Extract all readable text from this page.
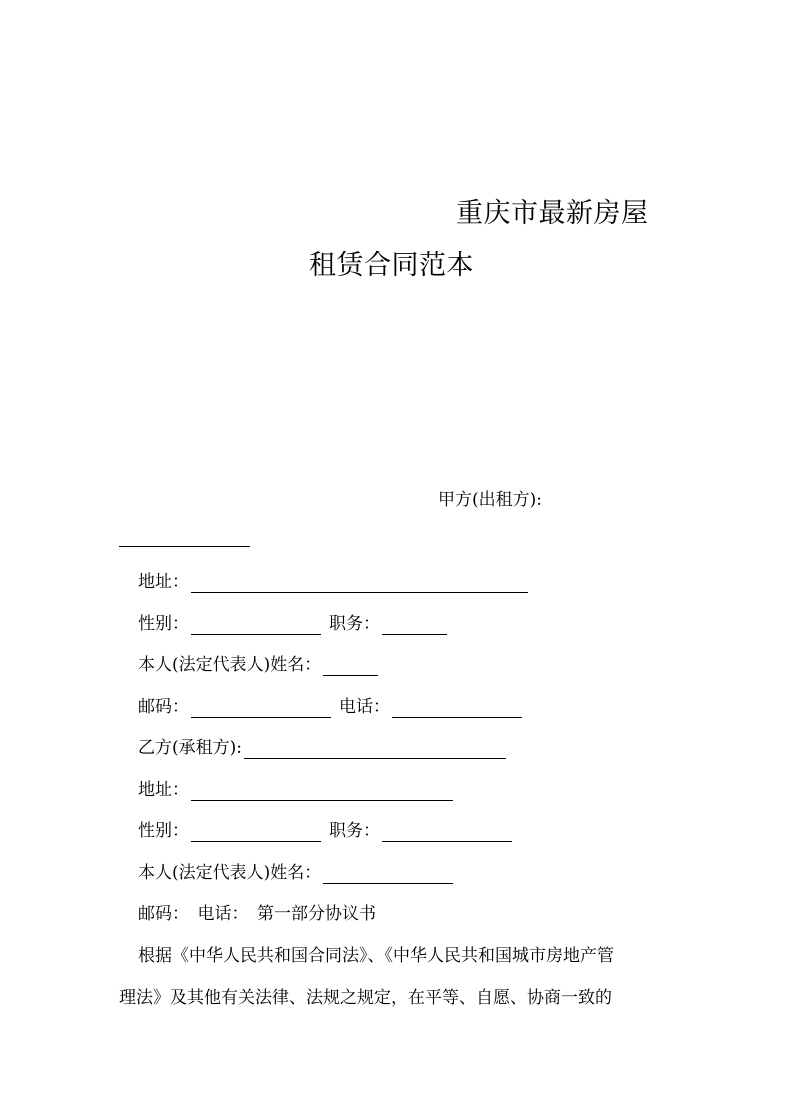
重庆市最新房屋
租赁合同范本
甲方(出租方):
地址：
性别：	职务：
本人(法定代表人)姓名：
邮码：	电话：
乙方(承租方):
地址：
性别：	职务：
本人(法定代表人)姓名：
邮码：　电话：　第一部分协议书
根据《中华人民共和国合同法》、《中华人民共和国城市房地产管
理法》及其他有关法律、法规之规定，在平等、自愿、协商一致的
